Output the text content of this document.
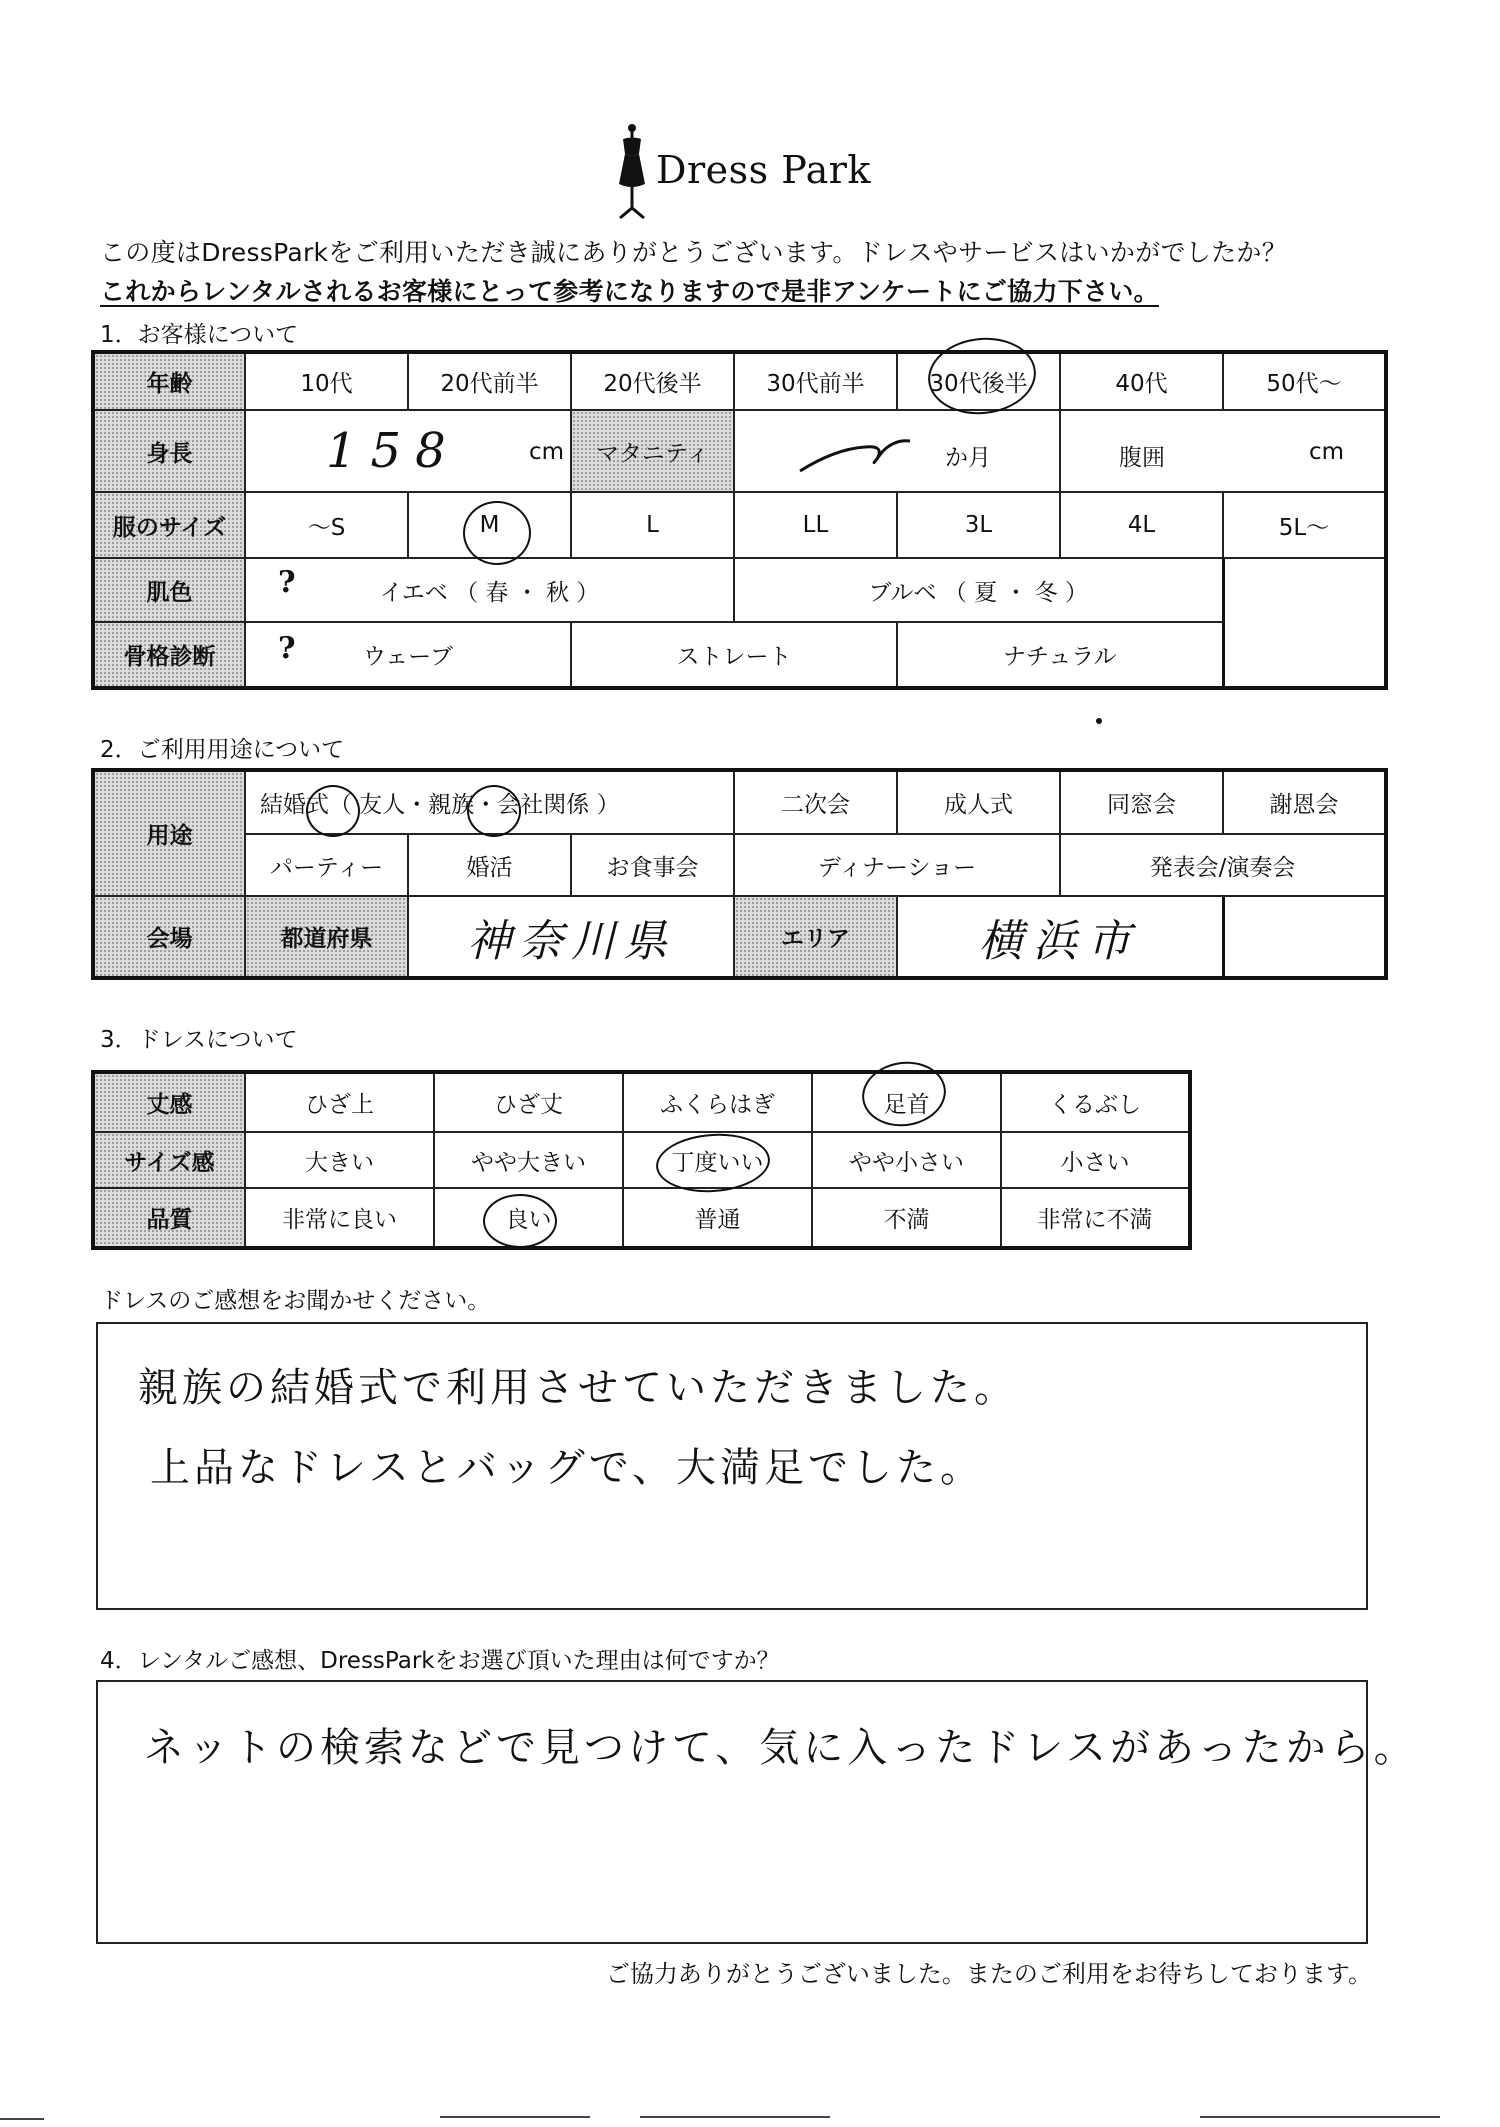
Dress Park
この度はDressParkをご利用いただき誠にありがとうございます。ドレスやサービスはいかがでしたか？
これからレンタルされるお客様にとって参考になりますので是非アンケートにご協力下さい。
1．お客様について
年齢	10代	20代前半	20代後半	30代前半	30代後半	40代	50代～
身長	158 cm		マタニティ	か月		腹囲 cm	

服のサイズ	～S	M	L	LL	3L	4L	5L～
肌色	? イエベ （ 春 ・ 秋 ）			ブルベ （ 夏 ・ 冬 ）			
骨格診断	? ウェーブ		ストレート		ナチュラル		
2．ご利用用途について
用途	結婚式（ 友人・親族・会社関係 ）			二次会	成人式	同窓会	謝恩会
	パーティー	婚活	お食事会	ディナーショー		発表会/演奏会	
会場	都道府県	神奈川県		エリア	横浜市		
3．ドレスについて
丈感	ひざ上	ひざ丈	ふくらはぎ	足首	くるぶし
サイズ感	大きい	やや大きい	丁度いい	やや小さい	小さい
品質	非常に良い	良い	普通	不満	非常に不満
ドレスのご感想をお聞かせください。
親族の結婚式で利用させていただきました。
上品なドレスとバッグで、大満足でした。
4．レンタルご感想、DressParkをお選び頂いた理由は何ですか？
ネットの検索などで見つけて、気に入ったドレスがあったから。
ご協力ありがとうございました。またのご利用をお待ちしております。
